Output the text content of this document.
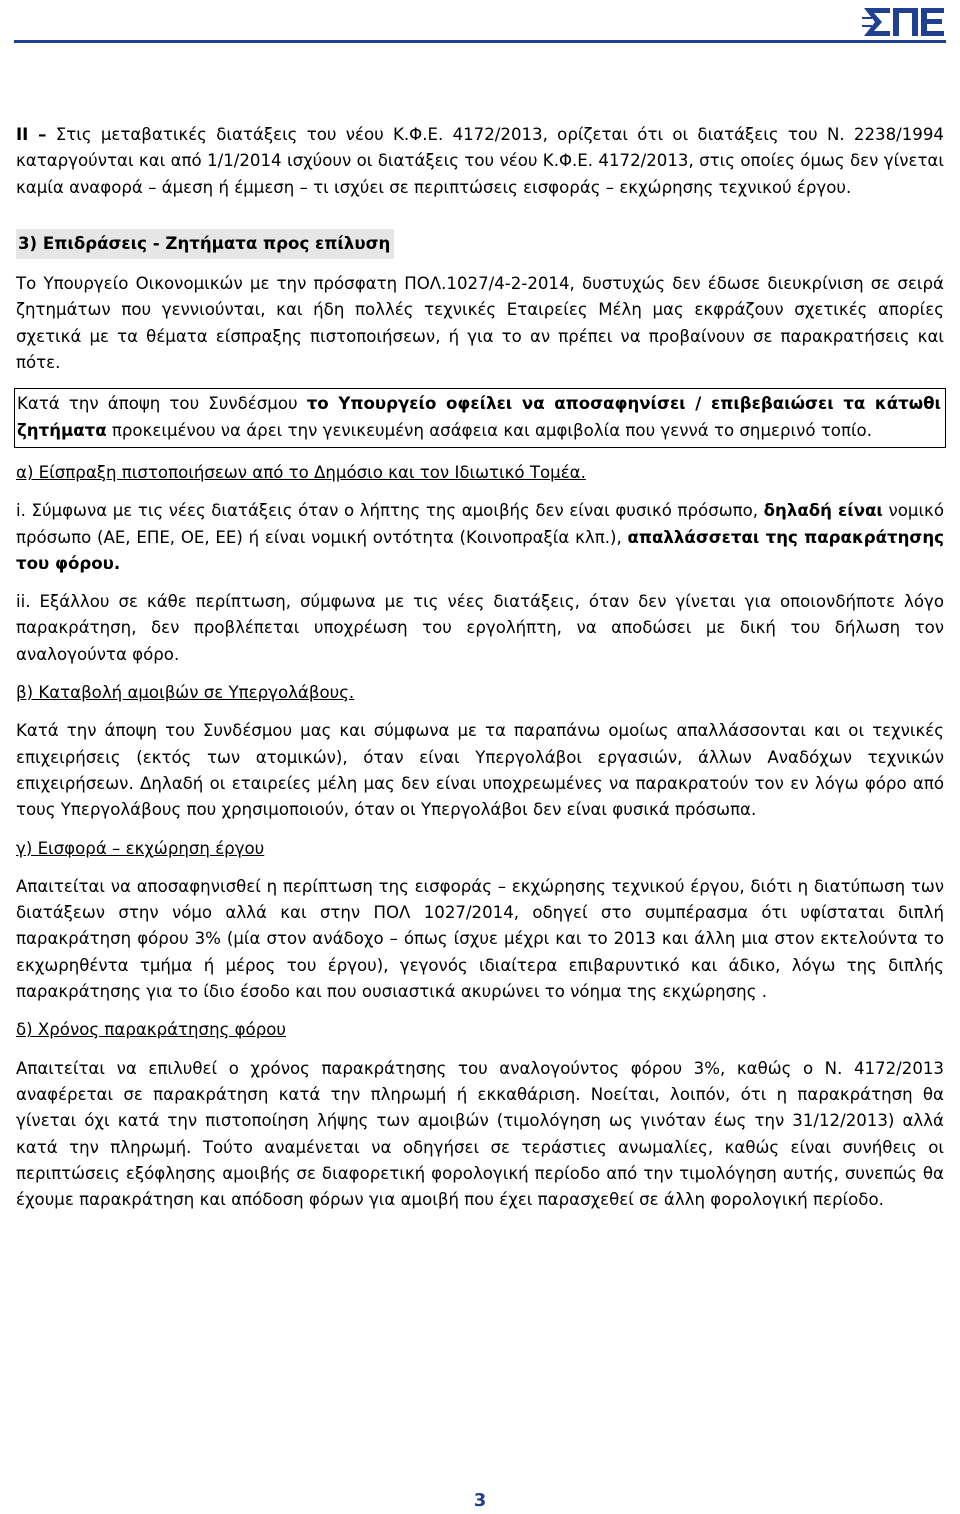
ΙΙ – Στις μεταβατικές διατάξεις του νέου Κ.Φ.Ε. 4172/2013, ορίζεται ότι οι διατάξεις του Ν. 2238/1994 καταργούνται και από 1/1/2014 ισχύουν οι διατάξεις του νέου Κ.Φ.Ε. 4172/2013, στις οποίες όμως δεν γίνεται καμία αναφορά – άμεση ή έμμεση – τι ισχύει σε περιπτώσεις εισφοράς – εκχώρησης τεχνικού έργου.

3) Επιδράσεις - Ζητήματα προς επίλυση

Το Υπουργείο Οικονομικών με την πρόσφατη ΠΟΛ.1027/4-2-2014, δυστυχώς δεν έδωσε διευκρίνιση σε σειρά ζητημάτων που γεννιούνται, και ήδη πολλές τεχνικές Εταιρείες Μέλη μας εκφράζουν σχετικές απορίες σχετικά με τα θέματα είσπραξης πιστοποιήσεων, ή για το αν πρέπει να προβαίνουν σε παρακρατήσεις και πότε.

Κατά την άποψη του Συνδέσμου το Υπουργείο οφείλει να αποσαφηνίσει / επιβεβαιώσει τα κάτωθι ζητήματα προκειμένου να άρει την γενικευμένη ασάφεια και αμφιβολία που γεννά το σημερινό τοπίο.

α) Είσπραξη πιστοποιήσεων από το Δημόσιο και τον Ιδιωτικό Τομέα.

i. Σύμφωνα με τις νέες διατάξεις όταν ο λήπτης της αμοιβής δεν είναι φυσικό πρόσωπο, δηλαδή είναι νομικό πρόσωπο (ΑΕ, ΕΠΕ, ΟΕ, ΕΕ) ή είναι νομική οντότητα (Κοινοπραξία κλπ.), απαλλάσσεται της παρακράτησης του φόρου.

ii. Εξάλλου σε κάθε περίπτωση, σύμφωνα με τις νέες διατάξεις, όταν δεν γίνεται για οποιονδήποτε λόγο παρακράτηση, δεν προβλέπεται υποχρέωση του εργολήπτη, να αποδώσει με δική του δήλωση τον αναλογούντα φόρο.

β) Καταβολή αμοιβών σε Υπεργολάβους.

Κατά την άποψη του Συνδέσμου μας και σύμφωνα με τα παραπάνω ομοίως απαλλάσσονται και οι τεχνικές επιχειρήσεις (εκτός των ατομικών), όταν είναι Υπεργολάβοι εργασιών, άλλων Αναδόχων τεχνικών επιχειρήσεων. Δηλαδή οι εταιρείες μέλη μας δεν είναι υποχρεωμένες να παρακρατούν τον εν λόγω φόρο από τους Υπεργολάβους που χρησιμοποιούν, όταν οι Υπεργολάβοι δεν είναι φυσικά πρόσωπα.

γ) Εισφορά – εκχώρηση έργου

Απαιτείται να αποσαφηνισθεί η περίπτωση της εισφοράς – εκχώρησης τεχνικού έργου, διότι η διατύπωση των διατάξεων στην νόμο αλλά και στην ΠΟΛ 1027/2014, οδηγεί στο συμπέρασμα ότι υφίσταται διπλή παρακράτηση φόρου 3% (μία στον ανάδοχο – όπως ίσχυε μέχρι και το 2013 και άλλη μια στον εκτελούντα το εκχωρηθέντα τμήμα ή μέρος του έργου), γεγονός ιδιαίτερα επιβαρυντικό και άδικο, λόγω της διπλής παρακράτησης για το ίδιο έσοδο και που ουσιαστικά ακυρώνει το νόημα της εκχώρησης .

δ) Χρόνος παρακράτησης φόρου

Απαιτείται να επιλυθεί ο χρόνος παρακράτησης του αναλογούντος φόρου 3%, καθώς ο Ν. 4172/2013 αναφέρεται σε παρακράτηση κατά την πληρωμή ή εκκαθάριση. Νοείται, λοιπόν, ότι η παρακράτηση θα γίνεται όχι κατά την πιστοποίηση λήψης των αμοιβών (τιμολόγηση ως γινόταν έως την 31/12/2013) αλλά κατά την πληρωμή. Τούτο αναμένεται να οδηγήσει σε τεράστιες ανωμαλίες, καθώς είναι συνήθεις οι περιπτώσεις εξόφλησης αμοιβής σε διαφορετική φορολογική περίοδο από την τιμολόγηση αυτής, συνεπώς θα έχουμε παρακράτηση και απόδοση φόρων για αμοιβή που έχει παρασχεθεί σε άλλη φορολογική περίοδο.

3
